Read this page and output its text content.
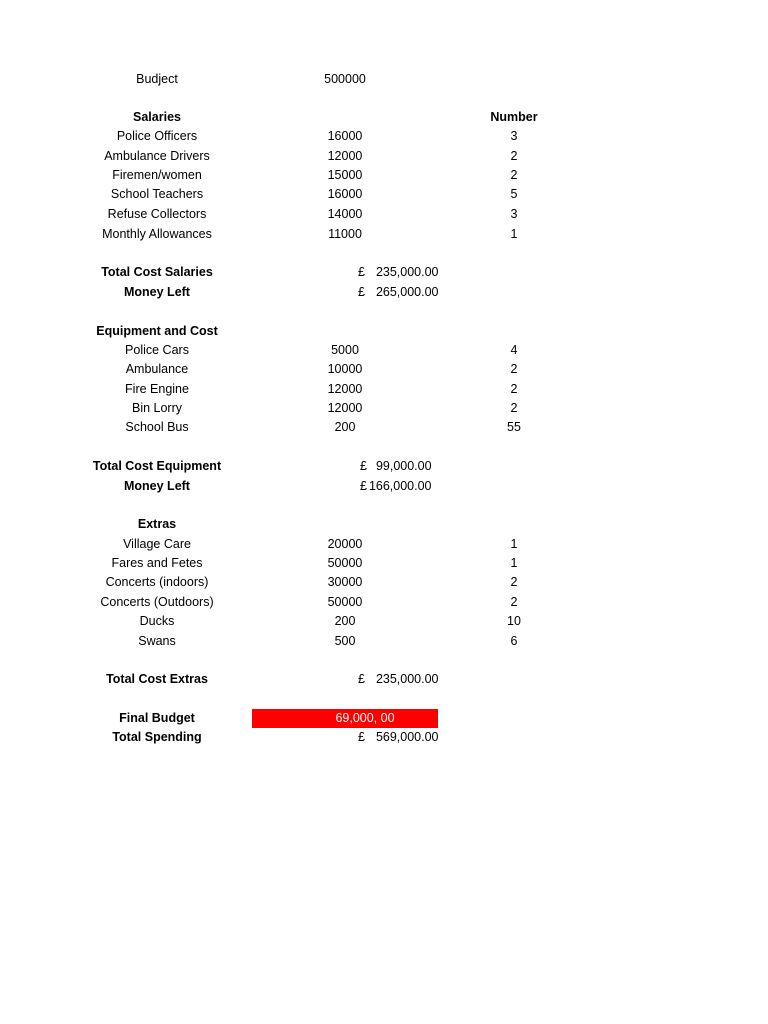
Budject	500000
Salaries	Number
Police Officers	16000	3
Ambulance Drivers	12000	2
Firemen/women	15000	2
School Teachers	16000	5
Refuse Collectors	14000	3
Monthly Allowances	11000	1
Total Cost Salaries	£ 235,000.00
Money Left	£ 265,000.00
Equipment and Cost
Police Cars	5000	4
Ambulance	10000	2
Fire Engine	12000	2
Bin Lorry	12000	2
School Bus	200	55
Total Cost Equipment	£ 99,000.00
Money Left	£ 166,000.00
Extras
Village Care	20000	1
Fares and Fetes	50000	1
Concerts (indoors)	30000	2
Concerts (Outdoors)	50000	2
Ducks	200	10
Swans	500	6
Total Cost Extras	£ 235,000.00
Final Budget	69,000, 00
Total Spending	£ 569,000.00
